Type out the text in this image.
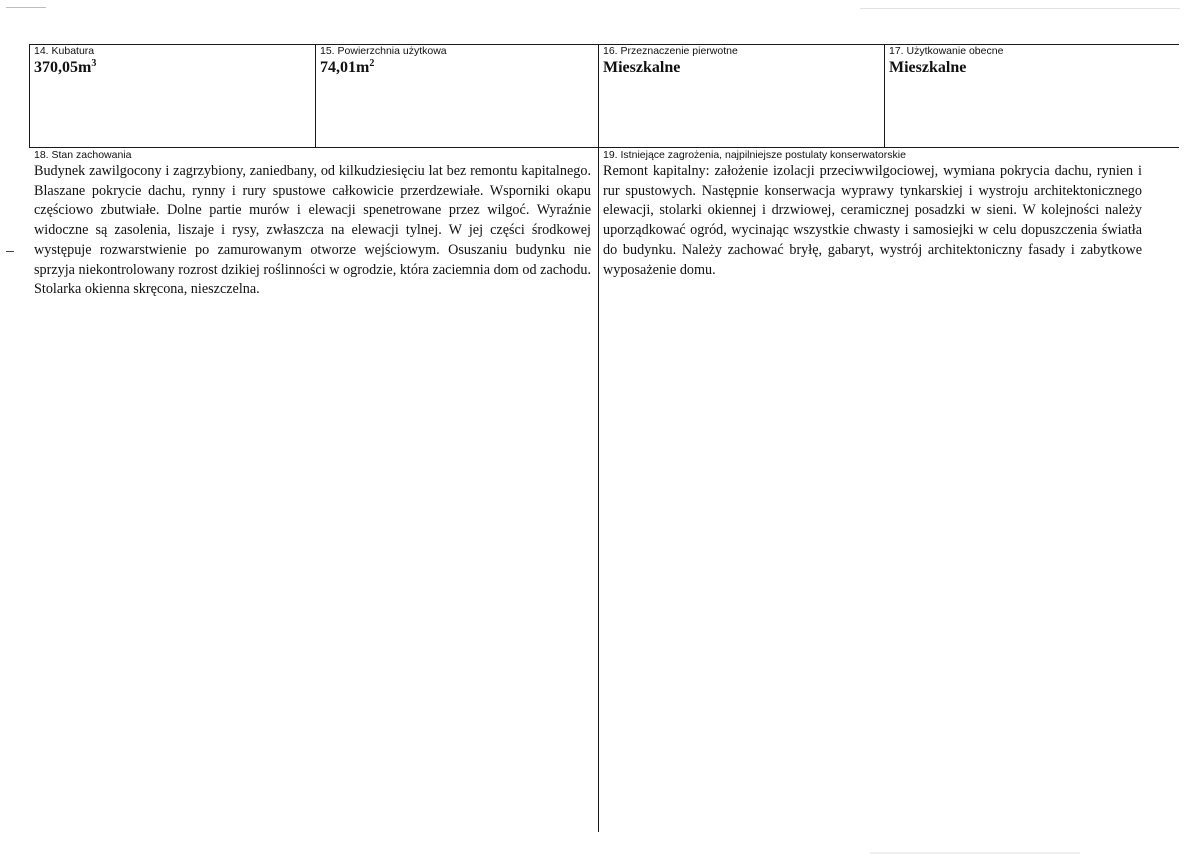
14. Kubatura
$370,05m^3$
15. Powierzchnia użytkowa
$74,01m^2$
16. Przeznaczenie pierwotne
Mieszkalne
17. Użytkowanie obecne
Mieszkalne
18. Stan zachowania
Budynek zawilgocony i zagrzybiony, zaniedbany, od kilkudziesięciu lat bez remontu kapitalnego. Blaszane pokrycie dachu, rynny i rury spustowe całkowicie przerdzewiałe. Wsporniki okapu częściowo zbutwiałe. Dolne partie murów i elewacji spenetrowane przez wilgoć. Wyraźnie widoczne są zasolenia, liszaje i rysy, zwłaszcza na elewacji tylnej. W jej części środkowej występuje rozwarstwienie po zamurowanym otworze wejściowym. Osuszaniu budynku nie sprzyja niekontrolowany rozrost dzikiej roślinności w ogrodzie, która zaciemnia dom od zachodu. Stolarka okienna skręcona, nieszczelna.
19. Istniejące zagrożenia, najpilniejsze postulaty konserwatorskie
Remont kapitalny: założenie izolacji przeciwwilgociowej, wymiana pokrycia dachu, rynien i rur spustowych. Następnie konserwacja wyprawy tynkarskiej i wystroju architektonicznego elewacji, stolarki okiennej i drzwiowej, ceramicznej posadzki w sieni. W kolejności należy uporządkować ogród, wycinając wszystkie chwasty i samosiejki w celu dopuszczenia światła do budynku. Należy zachować bryłę, gabaryt, wystrój architektoniczny fasady i zabytkowe wyposażenie domu.
